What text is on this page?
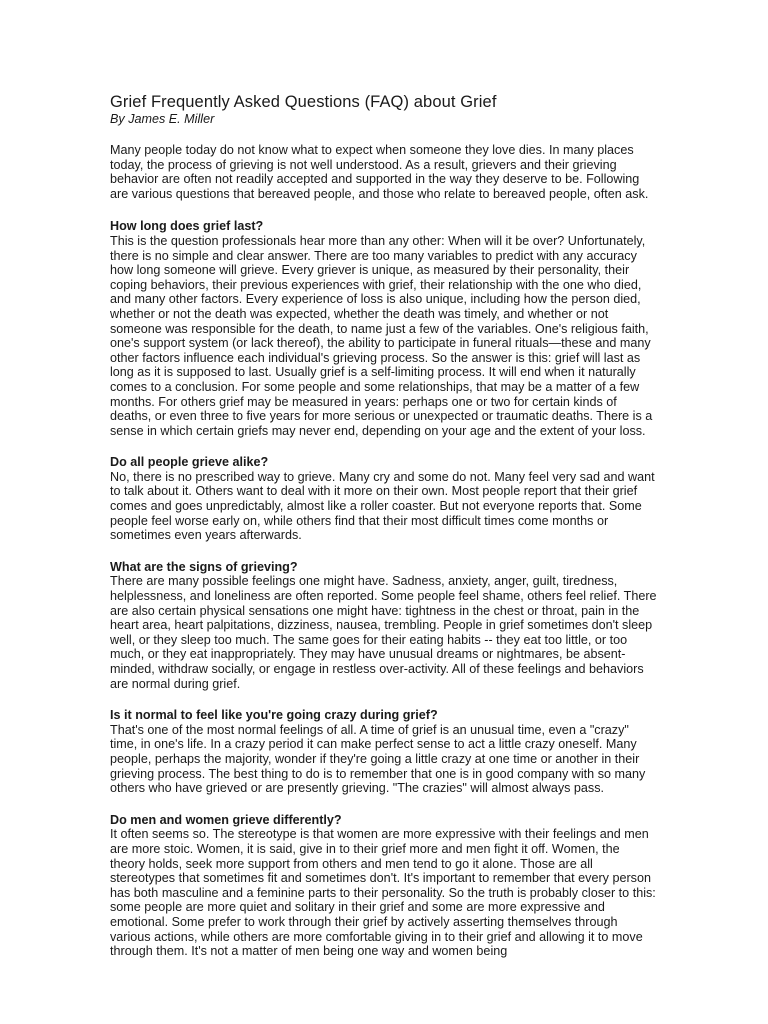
Grief Frequently Asked Questions (FAQ) about Grief

By James E. Miller

Many people today do not know what to expect when someone they love dies. In many places today, the process of grieving is not well understood. As a result, grievers and their grieving behavior are often not readily accepted and supported in the way they deserve to be. Following are various questions that bereaved people, and those who relate to bereaved people, often ask.

How long does grief last?

This is the question professionals hear more than any other: When will it be over? Unfortunately, there is no simple and clear answer. There are too many variables to predict with any accuracy how long someone will grieve. Every griever is unique, as measured by their personality, their coping behaviors, their previous experiences with grief, their relationship with the one who died, and many other factors. Every experience of loss is also unique, including how the person died, whether or not the death was expected, whether the death was timely, and whether or not someone was responsible for the death, to name just a few of the variables. One's religious faith, one's support system (or lack thereof), the ability to participate in funeral rituals—these and many other factors influence each individual's grieving process. So the answer is this: grief will last as long as it is supposed to last. Usually grief is a self-limiting process. It will end when it naturally comes to a conclusion. For some people and some relationships, that may be a matter of a few months. For others grief may be measured in years: perhaps one or two for certain kinds of deaths, or even three to five years for more serious or unexpected or traumatic deaths. There is a sense in which certain griefs may never end, depending on your age and the extent of your loss.

Do all people grieve alike?

No, there is no prescribed way to grieve. Many cry and some do not. Many feel very sad and want to talk about it. Others want to deal with it more on their own. Most people report that their grief comes and goes unpredictably, almost like a roller coaster. But not everyone reports that. Some people feel worse early on, while others find that their most difficult times come months or sometimes even years afterwards.

What are the signs of grieving?

There are many possible feelings one might have. Sadness, anxiety, anger, guilt, tiredness, helplessness, and loneliness are often reported. Some people feel shame, others feel relief. There are also certain physical sensations one might have: tightness in the chest or throat, pain in the heart area, heart palpitations, dizziness, nausea, trembling. People in grief sometimes don't sleep well, or they sleep too much. The same goes for their eating habits -- they eat too little, or too much, or they eat inappropriately. They may have unusual dreams or nightmares, be absent-minded, withdraw socially, or engage in restless over-activity. All of these feelings and behaviors are normal during grief.

Is it normal to feel like you're going crazy during grief?

That's one of the most normal feelings of all. A time of grief is an unusual time, even a "crazy" time, in one's life. In a crazy period it can make perfect sense to act a little crazy oneself. Many people, perhaps the majority, wonder if they're going a little crazy at one time or another in their grieving process. The best thing to do is to remember that one is in good company with so many others who have grieved or are presently grieving. "The crazies" will almost always pass.

Do men and women grieve differently?

It often seems so. The stereotype is that women are more expressive with their feelings and men are more stoic. Women, it is said, give in to their grief more and men fight it off. Women, the theory holds, seek more support from others and men tend to go it alone. Those are all stereotypes that sometimes fit and sometimes don't. It's important to remember that every person has both masculine and a feminine parts to their personality. So the truth is probably closer to this: some people are more quiet and solitary in their grief and some are more expressive and emotional. Some prefer to work through their grief by actively asserting themselves through various actions, while others are more comfortable giving in to their grief and allowing it to move through them. It's not a matter of men being one way and women being
